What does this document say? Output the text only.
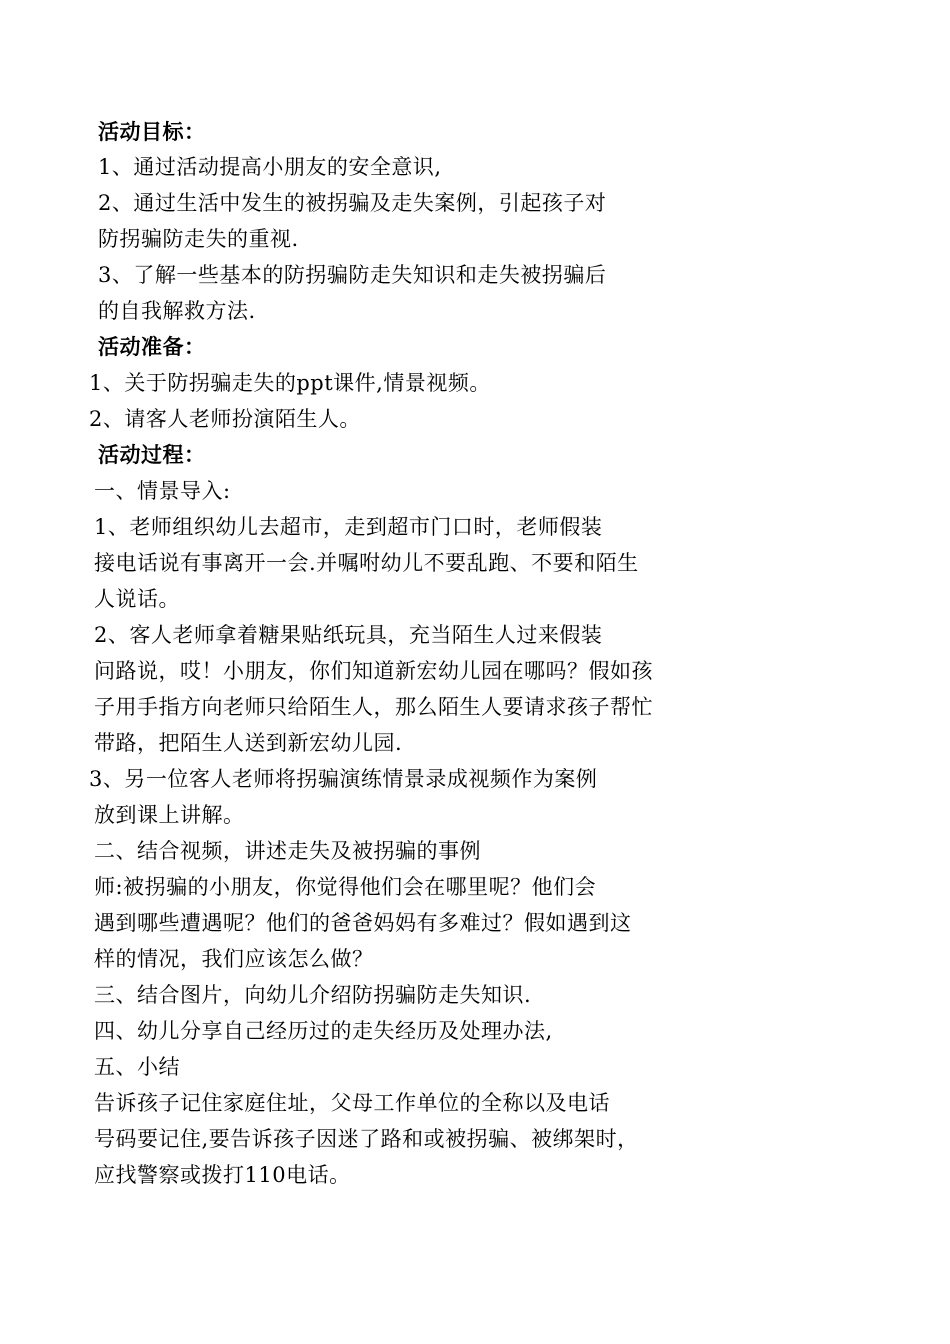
活动目标：
1、通过活动提高小朋友的安全意识,
2、通过生活中发生的被拐骗及走失案例，引起孩子对
防拐骗防走失的重视.
3、了解一些基本的防拐骗防走失知识和走失被拐骗后
的自我解救方法.
活动准备：
1、关于防拐骗走失的ppt课件,情景视频。
2、请客人老师扮演陌生人。
活动过程：
一、情景导入:
1、老师组织幼儿去超市，走到超市门口时，老师假装
接电话说有事离开一会.并嘱咐幼儿不要乱跑、不要和陌生
人说话。
2、客人老师拿着糖果贴纸玩具，充当陌生人过来假装
问路说，哎！小朋友，你们知道新宏幼儿园在哪吗？假如孩
子用手指方向老师只给陌生人，那么陌生人要请求孩子帮忙
带路，把陌生人送到新宏幼儿园.
3、另一位客人老师将拐骗演练情景录成视频作为案例
放到课上讲解。
二、结合视频，讲述走失及被拐骗的事例
师:被拐骗的小朋友，你觉得他们会在哪里呢？他们会
遇到哪些遭遇呢？他们的爸爸妈妈有多难过？假如遇到这
样的情况，我们应该怎么做？
三、结合图片，向幼儿介绍防拐骗防走失知识.
四、幼儿分享自己经历过的走失经历及处理办法,
五、小结
告诉孩子记住家庭住址，父母工作单位的全称以及电话
号码要记住,要告诉孩子因迷了路和或被拐骗、被绑架时，
应找警察或拨打110电话。
